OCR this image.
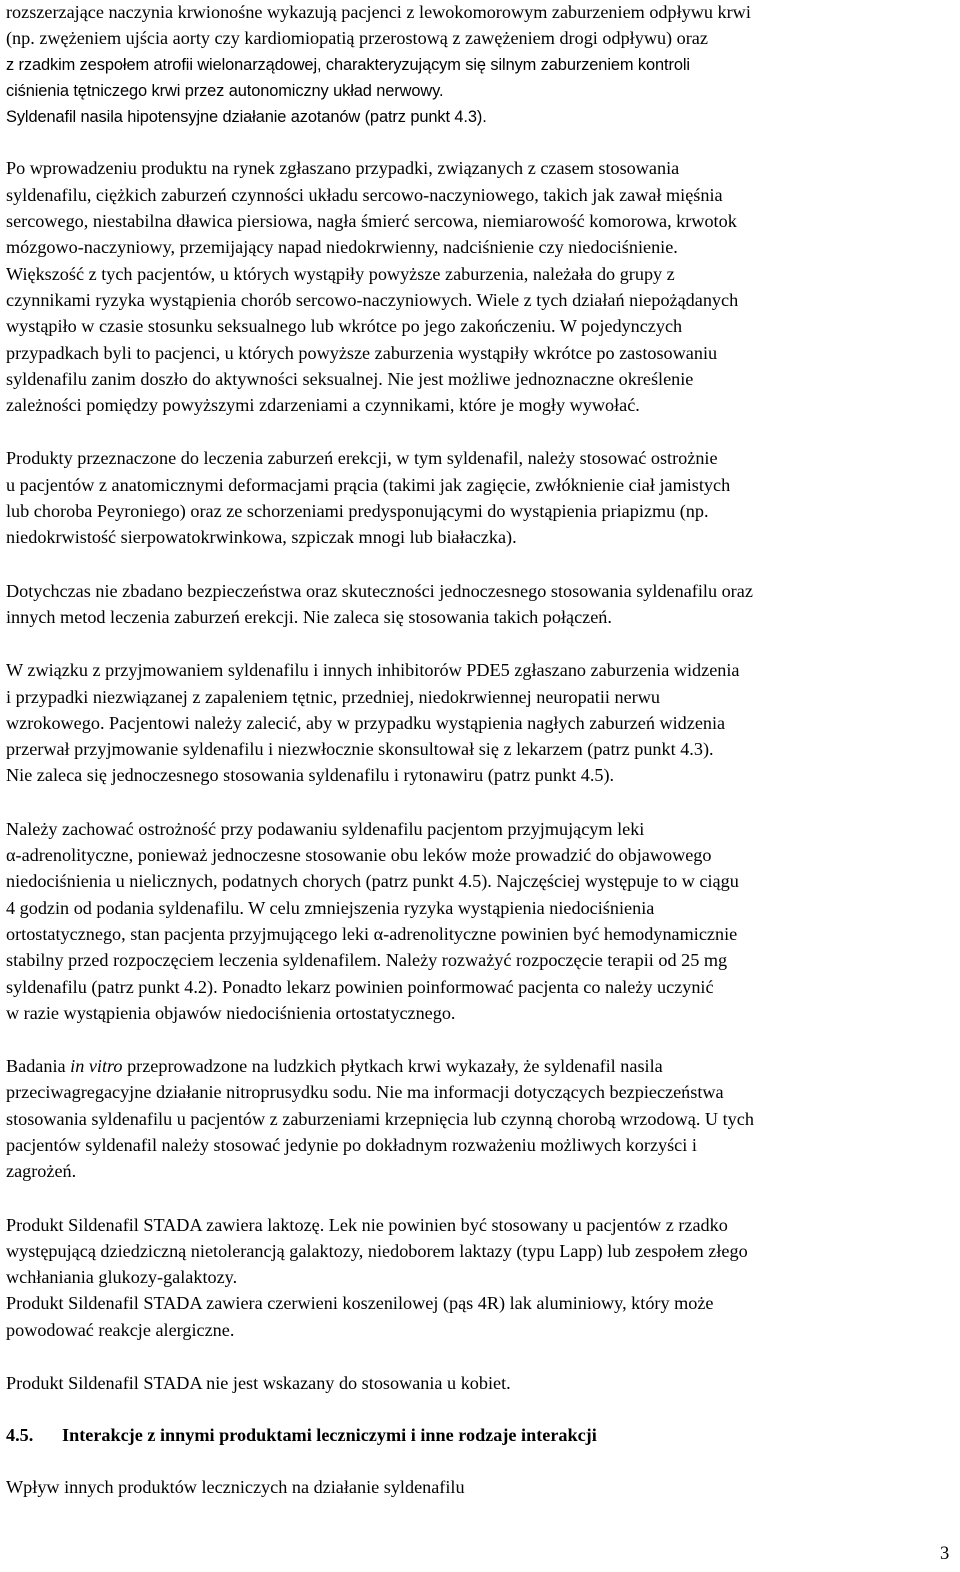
rozszerzające naczynia krwionośne wykazują pacjenci z lewokomorowym zaburzeniem odpływu krwi
(np. zwężeniem ujścia aorty czy kardiomiopatią przerostową z zawężeniem drogi odpływu) oraz
z rzadkim zespołem atrofii wielonarządowej, charakteryzującym się silnym zaburzeniem kontroli
ciśnienia tętniczego krwi przez autonomiczny układ nerwowy.
Syldenafil nasila hipotensyjne działanie azotanów (patrz punkt 4.3).
Po wprowadzeniu produktu na rynek zgłaszano przypadki, związanych z czasem stosowania
syldenafilu, ciężkich zaburzeń czynności układu sercowo-naczyniowego, takich jak zawał mięśnia
sercowego, niestabilna dławica piersiowa, nagła śmierć sercowa, niemiarowość komorowa, krwotok
mózgowo-naczyniowy, przemijający napad niedokrwienny, nadciśnienie czy niedociśnienie.
Większość z tych pacjentów, u których wystąpiły powyższe zaburzenia, należała do grupy z
czynnikami ryzyka wystąpienia chorób sercowo-naczyniowych. Wiele z tych działań niepożądanych
wystąpiło w czasie stosunku seksualnego lub wkrótce po jego zakończeniu. W pojedynczych
przypadkach byli to pacjenci, u których powyższe zaburzenia wystąpiły wkrótce po zastosowaniu
syldenafilu zanim doszło do aktywności seksualnej. Nie jest możliwe jednoznaczne określenie
zależności pomiędzy powyższymi zdarzeniami a czynnikami, które je mogły wywołać.
Produkty przeznaczone do leczenia zaburzeń erekcji, w tym syldenafil, należy stosować ostrożnie
u pacjentów z anatomicznymi deformacjami prącia (takimi jak zagięcie, zwłóknienie ciał jamistych
lub choroba Peyroniego) oraz ze schorzeniami predysponującymi do wystąpienia priapizmu (np.
niedokrwistość sierpowatokrwinkowa, szpiczak mnogi lub białaczka).
Dotychczas nie zbadano bezpieczeństwa oraz skuteczności jednoczesnego stosowania syldenafilu oraz
innych metod leczenia zaburzeń erekcji. Nie zaleca się stosowania takich połączeń.
W związku z przyjmowaniem syldenafilu i innych inhibitorów PDE5 zgłaszano zaburzenia widzenia
i przypadki niezwiązanej z zapaleniem tętnic, przedniej, niedokrwiennej neuropatii nerwu
wzrokowego. Pacjentowi należy zalecić, aby w przypadku wystąpienia nagłych zaburzeń widzenia
przerwał przyjmowanie syldenafilu i niezwłocznie skonsultował się z lekarzem (patrz punkt 4.3).
Nie zaleca się jednoczesnego stosowania syldenafilu i rytonawiru (patrz punkt 4.5).
Należy zachować ostrożność przy podawaniu syldenafilu pacjentom przyjmującym leki
α-adrenolityczne, ponieważ jednoczesne stosowanie obu leków może prowadzić do objawowego
niedociśnienia u nielicznych, podatnych chorych (patrz punkt 4.5). Najczęściej występuje to w ciągu
4 godzin od podania syldenafilu. W celu zmniejszenia ryzyka wystąpienia niedociśnienia
ortostatycznego, stan pacjenta przyjmującego leki α-adrenolityczne powinien być hemodynamicznie
stabilny przed rozpoczęciem leczenia syldenafilem. Należy rozważyć rozpoczęcie terapii od 25 mg
syldenafilu (patrz punkt 4.2). Ponadto lekarz powinien poinformować pacjenta co należy uczynić
w razie wystąpienia objawów niedociśnienia ortostatycznego.
Badania in vitro przeprowadzone na ludzkich płytkach krwi wykazały, że syldenafil nasila
przeciwagregacyjne działanie nitroprusydku sodu. Nie ma informacji dotyczących bezpieczeństwa
stosowania syldenafilu u pacjentów z zaburzeniami krzepnięcia lub czynną chorobą wrzodową. U tych
pacjentów syldenafil należy stosować jedynie po dokładnym rozważeniu możliwych korzyści i
zagrożeń.
Produkt Sildenafil STADA zawiera laktozę. Lek nie powinien być stosowany u pacjentów z rzadko
występującą dziedziczną nietolerancją galaktozy, niedoborem laktazy (typu Lapp) lub zespołem złego
wchłaniania glukozy-galaktozy.
Produkt Sildenafil STADA zawiera czerwieni koszenilowej (pąs 4R) lak aluminiowy, który może
powodować reakcje alergiczne.
Produkt Sildenafil STADA nie jest wskazany do stosowania u kobiet.
4.5. Interakcje z innymi produktami leczniczymi i inne rodzaje interakcji
Wpływ innych produktów leczniczych na działanie syldenafilu
3
